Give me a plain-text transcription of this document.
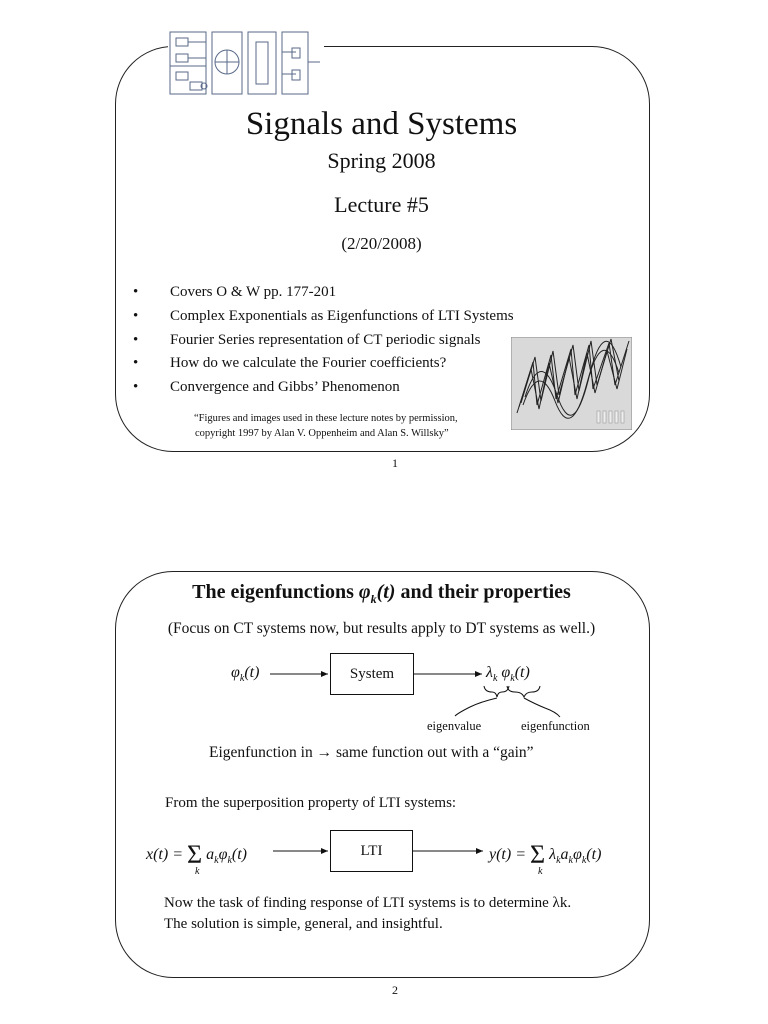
Signals and Systems
Spring 2008
Lecture #5
(2/20/2008)
• Covers O & W pp. 177-201
• Complex Exponentials as Eigenfunctions of LTI Systems
• Fourier Series representation of CT periodic signals
• How do we calculate the Fourier coefficients?
• Convergence and Gibbs’ Phenomenon
“Figures and images used in these lecture notes by permission,
copyright 1997 by Alan V. Oppenheim and Alan S. Willsky”
1
The eigenfunctions $\varphi_k(t)$ and their properties
(Focus on CT systems now, but results apply to DT systems as well.)
$\varphi_k(t)$	System	$\lambda_k$ $\varphi_k(t)$
eigenvalue	eigenfunction
Eigenfunction in → same function out with a “gain”
From the superposition property of LTI systems:
x(t) = Σ
k
$a_k\varphi_k(t)$	LTI	y(t) = Σ
k
$\lambda_ka_k\varphi_k(t)$
Now the task of finding response of LTI systems is to determine λk.
The solution is simple, general, and insightful.
2
